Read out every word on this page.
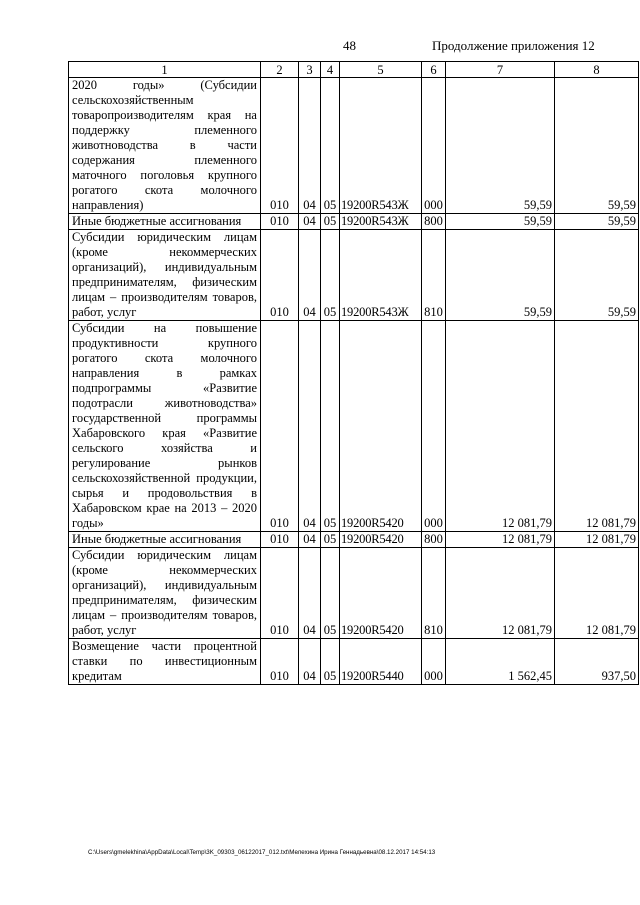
48	Продолжение приложения 12
1	2	3	4	5	6	7	8
2020 годы» (Субсидии сельскохозяйственным товаропроизводителям края на поддержку племенного животноводства в части содержания племенного маточного поголовья крупного рогатого скота молочного направления)	010	04	05	19200R543Ж	000	59,59	59,59
Иные бюджетные ассигнования	010	04	05	19200R543Ж	800	59,59	59,59
Субсидии юридическим лицам (кроме некоммерческих организаций), индивидуальным предпринимателям, физическим лицам – производителям товаров, работ, услуг	010	04	05	19200R543Ж	810	59,59	59,59
Субсидии на повышение продуктивности крупного рогатого скота молочного направления в рамках подпрограммы «Развитие подотрасли животноводства» государственной программы Хабаровского края «Развитие сельского хозяйства и регулирование рынков сельскохозяйственной продукции, сырья и продовольствия в Хабаровском крае на 2013 – 2020 годы»	010	04	05	19200R5420	000	12 081,79	12 081,79
Иные бюджетные ассигнования	010	04	05	19200R5420	800	12 081,79	12 081,79
Субсидии юридическим лицам (кроме некоммерческих организаций), индивидуальным предпринимателям, физическим лицам – производителям товаров, работ, услуг	010	04	05	19200R5420	810	12 081,79	12 081,79
Возмещение части процентной ставки по инвестиционным кредитам	010	04	05	19200R5440	000	1 562,45	937,50
C:\Users\gmelekhina\AppData\Local\Temp\3K_09303_06122017_012.txt\Мелехина Ирина Геннадьевна\08.12.2017 14:54:13
